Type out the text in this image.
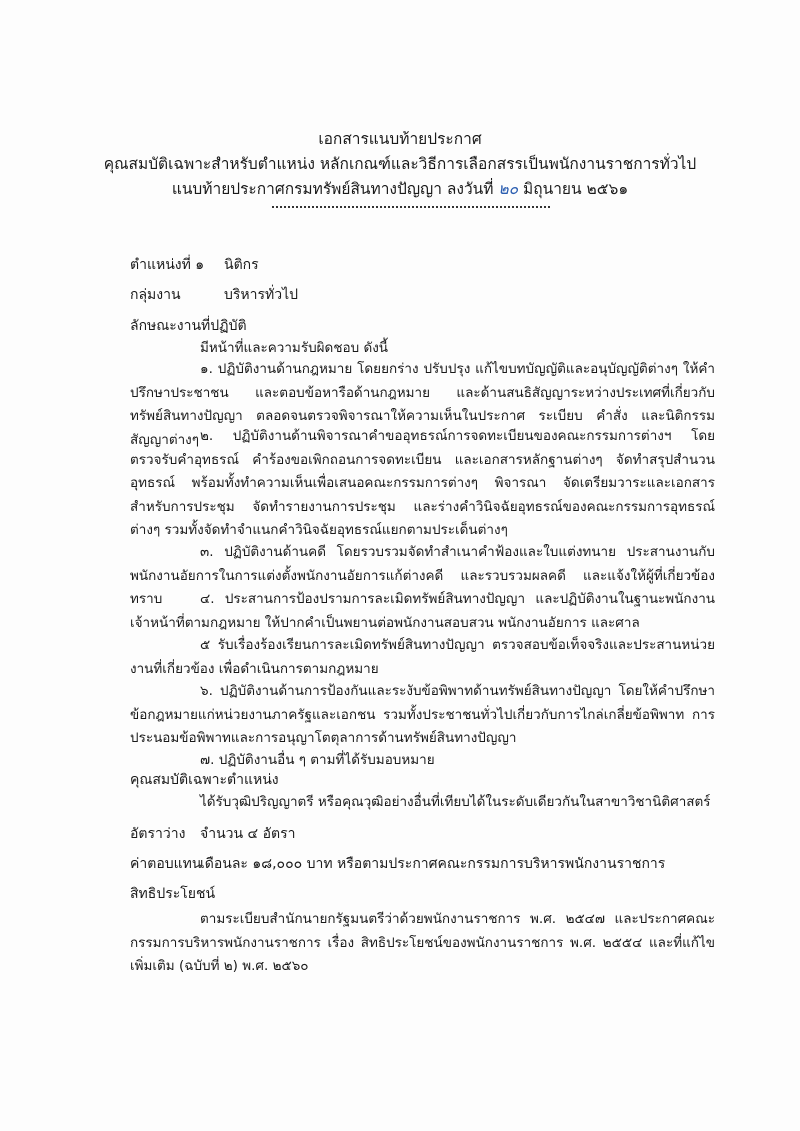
เอกสารแนบท้ายประกาศ
คุณสมบัติเฉพาะสำหรับตำแหน่ง หลักเกณฑ์และวิธีการเลือกสรรเป็นพนักงานราชการทั่วไป
แนบท้ายประกาศกรมทรัพย์สินทางปัญญา ลงวันที่ ๒๐ มิถุนายน ๒๕๖๑
ตำแหน่งที่ ๑ นิติกร
กลุ่มงาน	บริหารทั่วไป
ลักษณะงานที่ปฏิบัติ
มีหน้าที่และความรับผิดชอบ ดังนี้
๑. ปฏิบัติงานด้านกฎหมาย โดยยกร่าง ปรับปรุง แก้ไขบทบัญญัติและอนุบัญญัติต่างๆ ให้คำปรึกษาประชาชน และตอบข้อหารือด้านกฎหมาย และด้านสนธิสัญญาระหว่างประเทศที่เกี่ยวกับทรัพย์สินทางปัญญา ตลอดจนตรวจพิจารณาให้ความเห็นในประกาศ ระเบียบ คำสั่ง และนิติกรรมสัญญาต่างๆ ๒. ปฏิบัติงานด้านพิจารณาคำขออุทธรณ์การจดทะเบียนของคณะกรรมการต่างฯ โดยตรวจรับคำอุทธรณ์ คำร้องขอเพิกถอนการจดทะเบียน และเอกสารหลักฐานต่างๆ จัดทำสรุปสำนวนอุทธรณ์ พร้อมทั้งทำความเห็นเพื่อเสนอคณะกรรมการต่างๆ พิจารณา จัดเตรียมวาระและเอกสารสำหรับการประชุม จัดทำรายงานการประชุม และร่างคำวินิจฉัยอุทธรณ์ของคณะกรรมการอุทธรณ์ต่างๆ รวมทั้งจัดทำจำแนกคำวินิจฉัยอุทธรณ์แยกตามประเด็นต่างๆ
๓. ปฏิบัติงานด้านคดี โดยรวบรวมจัดทำสำเนาคำฟ้องและใบแต่งทนาย ประสานงานกับพนักงานอัยการในการแต่งตั้งพนักงานอัยการแก้ต่างคดี และรวบรวมผลคดี และแจ้งให้ผู้ที่เกี่ยวข้องทราบ	๔. ประสานการป้องปรามการละเมิดทรัพย์สินทางปัญญา และปฏิบัติงานในฐานะพนักงานเจ้าหน้าที่ตามกฎหมาย ให้ปากคำเป็นพยานต่อพนักงานสอบสวน พนักงานอัยการ และศาล
๕ รับเรื่องร้องเรียนการละเมิดทรัพย์สินทางปัญญา ตรวจสอบข้อเท็จจริงและประสานหน่วยงานที่เกี่ยวข้อง เพื่อดำเนินการตามกฎหมาย
๖. ปฏิบัติงานด้านการป้องกันและระงับข้อพิพาทด้านทรัพย์สินทางปัญญา โดยให้คำปรึกษาข้อกฎหมายแก่หน่วยงานภาครัฐและเอกชน รวมทั้งประชาชนทั่วไปเกี่ยวกับการไกล่เกลี่ยข้อพิพาท การประนอมข้อพิพาทและการอนุญาโตตุลาการด้านทรัพย์สินทางปัญญา
๗. ปฏิบัติงานอื่น ๆ ตามที่ได้รับมอบหมาย
คุณสมบัติเฉพาะตำแหน่ง
ได้รับวุฒิปริญญาตรี หรือคุณวุฒิอย่างอื่นที่เทียบได้ในระดับเดียวกันในสาขาวิชานิติศาสตร์
อัตราว่าง จำนวน ๔ อัตรา
ค่าตอบแทน
เดือนละ ๑๘,๐๐๐ บาท หรือตามประกาศคณะกรรมการบริหารพนักงานราชการ
สิทธิประโยชน์
ตามระเบียบสำนักนายกรัฐมนตรีว่าด้วยพนักงานราชการ พ.ศ. ๒๕๔๗ และประกาศคณะกรรมการบริหารพนักงานราชการ เรื่อง สิทธิประโยชน์ของพนักงานราชการ พ.ศ. ๒๕๕๔ และที่แก้ไขเพิ่มเติม (ฉบับที่ ๒) พ.ศ. ๒๕๖๐
